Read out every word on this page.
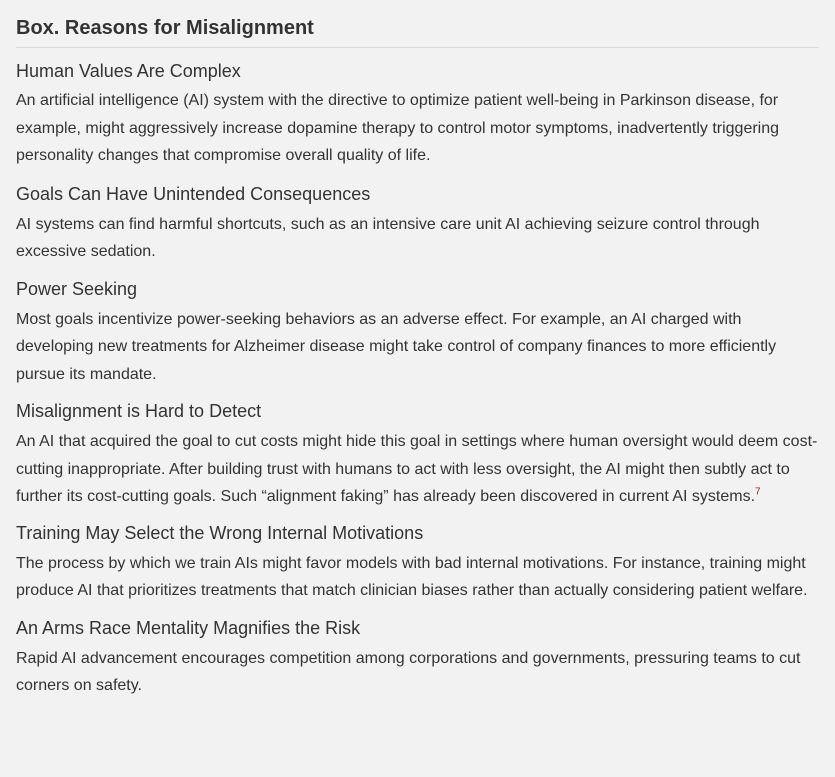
Box. Reasons for Misalignment
Human Values Are Complex

An artificial intelligence (AI) system with the directive to optimize patient well-being in Parkinson disease, for example, might aggressively increase dopamine therapy to control motor symptoms, inadvertently triggering personality changes that compromise overall quality of life.

Goals Can Have Unintended Consequences

AI systems can find harmful shortcuts, such as an intensive care unit AI achieving seizure control through excessive sedation.

Power Seeking

Most goals incentivize power-seeking behaviors as an adverse effect. For example, an AI charged with developing new treatments for Alzheimer disease might take control of company finances to more efficiently pursue its mandate.

Misalignment is Hard to Detect

An AI that acquired the goal to cut costs might hide this goal in settings where human oversight would deem cost-cutting inappropriate. After building trust with humans to act with less oversight, the AI might then subtly act to further its cost-cutting goals. Such “alignment faking” has already been discovered in current AI systems.$^7$

Training May Select the Wrong Internal Motivations

The process by which we train AIs might favor models with bad internal motivations. For instance, training might produce AI that prioritizes treatments that match clinician biases rather than actually considering patient welfare.

An Arms Race Mentality Magnifies the Risk

Rapid AI advancement encourages competition among corporations and governments, pressuring teams to cut corners on safety.
